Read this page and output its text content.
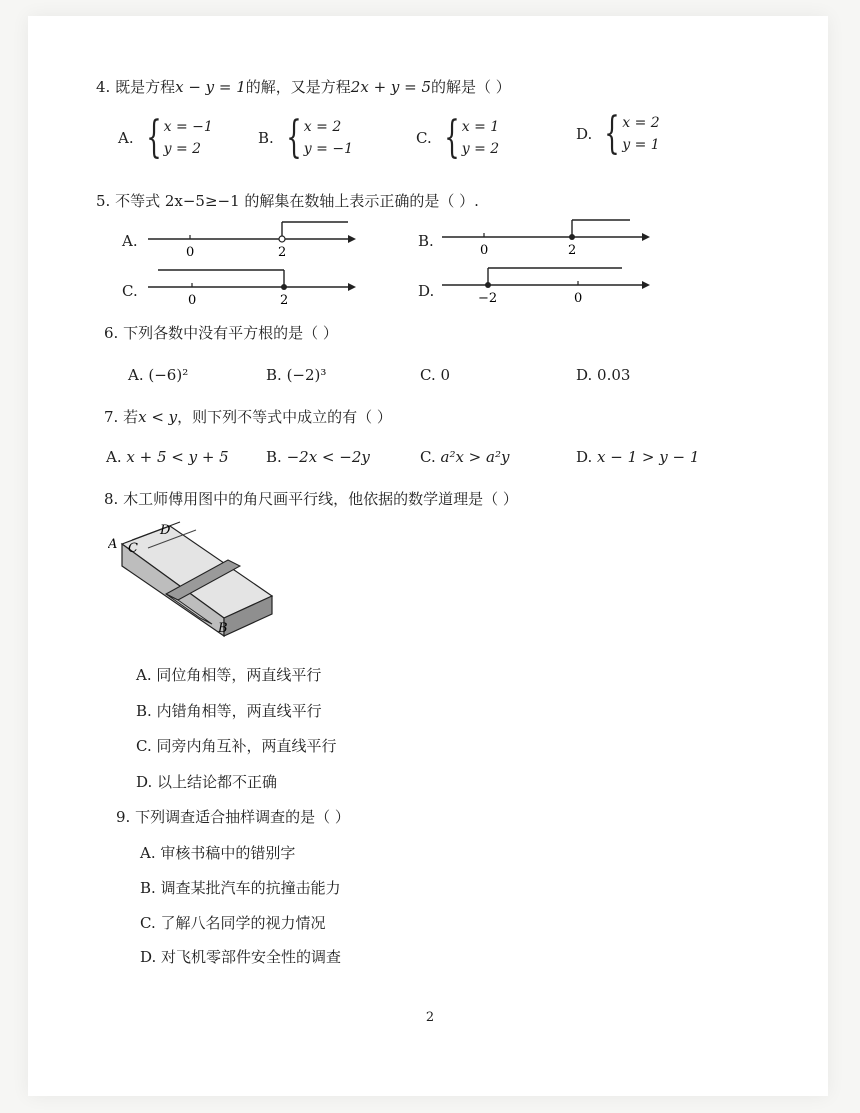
4. 既是方程x − y = 1的解，又是方程2x + y = 5的解是（ ）
A. { x = −1
y = 2
B. { x = 2
y = −1
C. { x = 1
y = 2
D. { x = 2
y = 1
5. 不等式 2x−5≥−1 的解集在数轴上表示正确的是（ ）.
A.
0	2
B.
0	2
C.
0	2
D.	−2	0
6. 下列各数中没有平方根的是（ ）
A. (−6)²	B. (−2)³	C. 0	D. 0.03
7. 若x < y，则下列不等式中成立的有（ ）
A. x + 5 < y + 5 B. −2x < −2y	C. a²x > a²y	D. x − 1 > y − 1
8. 木工师傅用图中的角尺画平行线，他依据的数学道理是（ ）
A C
D
B
A. 同位角相等，两直线平行
B. 内错角相等，两直线平行
C. 同旁内角互补，两直线平行
D. 以上结论都不正确
9. 下列调查适合抽样调查的是（ ）
A. 审核书稿中的错别字
B. 调查某批汽车的抗撞击能力
C. 了解八名同学的视力情况
D. 对飞机零部件安全性的调查
2
